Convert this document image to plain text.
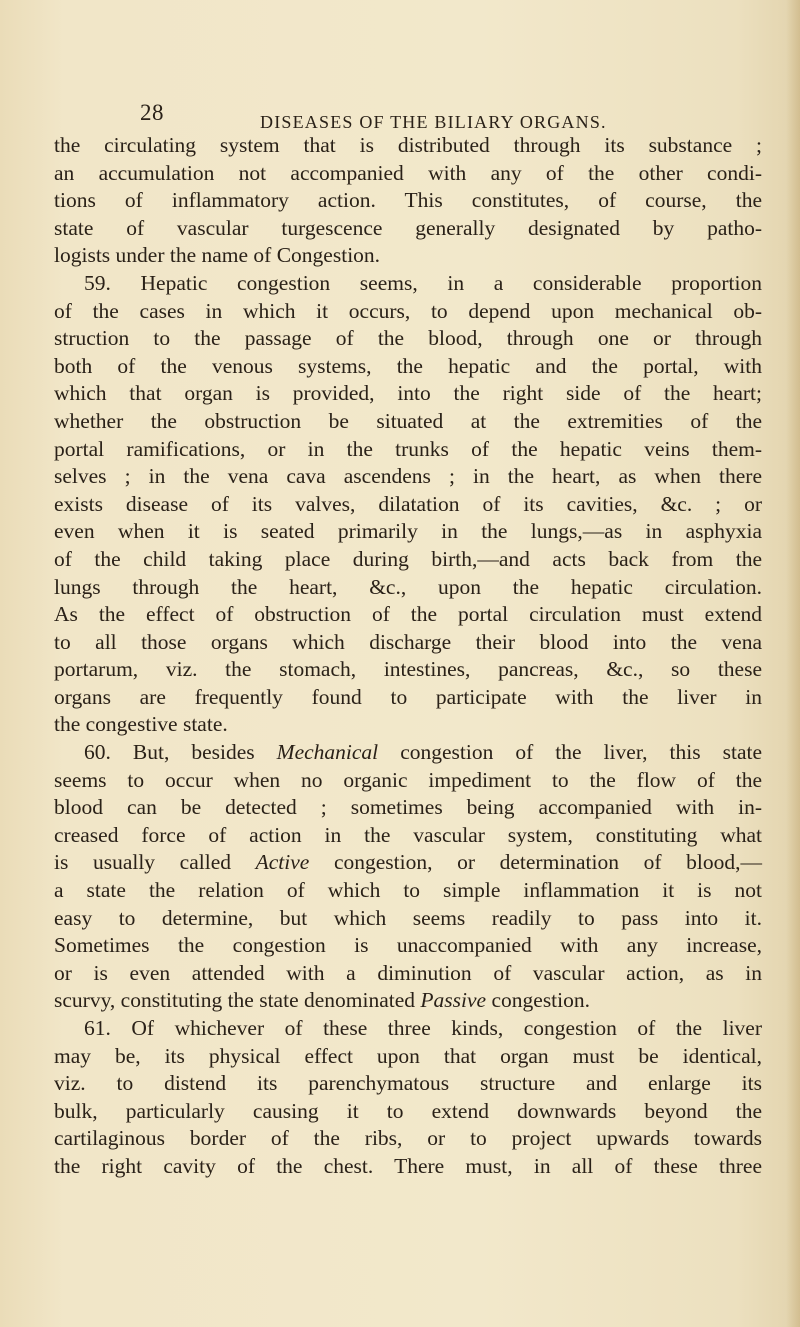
28	DISEASES OF THE BILIARY ORGANS.
the circulating system that is distributed through its substance ;
an accumulation not accompanied with any of the other condi-
tions of inflammatory action. This constitutes, of course, the
state of vascular turgescence generally designated by patho-
logists under the name of Congestion.
59. Hepatic congestion seems, in a considerable proportion
of the cases in which it occurs, to depend upon mechanical ob-
struction to the passage of the blood, through one or through
both of the venous systems, the hepatic and the portal, with
which that organ is provided, into the right side of the heart;
whether the obstruction be situated at the extremities of the
portal ramifications, or in the trunks of the hepatic veins them-
selves ; in the vena cava ascendens ; in the heart, as when there
exists disease of its valves, dilatation of its cavities, &c. ; or
even when it is seated primarily in the lungs,—as in asphyxia
of the child taking place during birth,—and acts back from the
lungs through the heart, &c., upon the hepatic circulation.
As the effect of obstruction of the portal circulation must extend
to all those organs which discharge their blood into the vena
portarum, viz. the stomach, intestines, pancreas, &c., so these
organs are frequently found to participate with the liver in
the congestive state.
60. But, besides Mechanical congestion of the liver, this state
seems to occur when no organic impediment to the flow of the
blood can be detected ; sometimes being accompanied with in-
creased force of action in the vascular system, constituting what
is usually called Active congestion, or determination of blood,—
a state the relation of which to simple inflammation it is not
easy to determine, but which seems readily to pass into it.
Sometimes the congestion is unaccompanied with any increase,
or is even attended with a diminution of vascular action, as in
scurvy, constituting the state denominated Passive congestion.
61. Of whichever of these three kinds, congestion of the liver
may be, its physical effect upon that organ must be identical,
viz. to distend its parenchymatous structure and enlarge its
bulk, particularly causing it to extend downwards beyond the
cartilaginous border of the ribs, or to project upwards towards
the right cavity of the chest. There must, in all of these three
